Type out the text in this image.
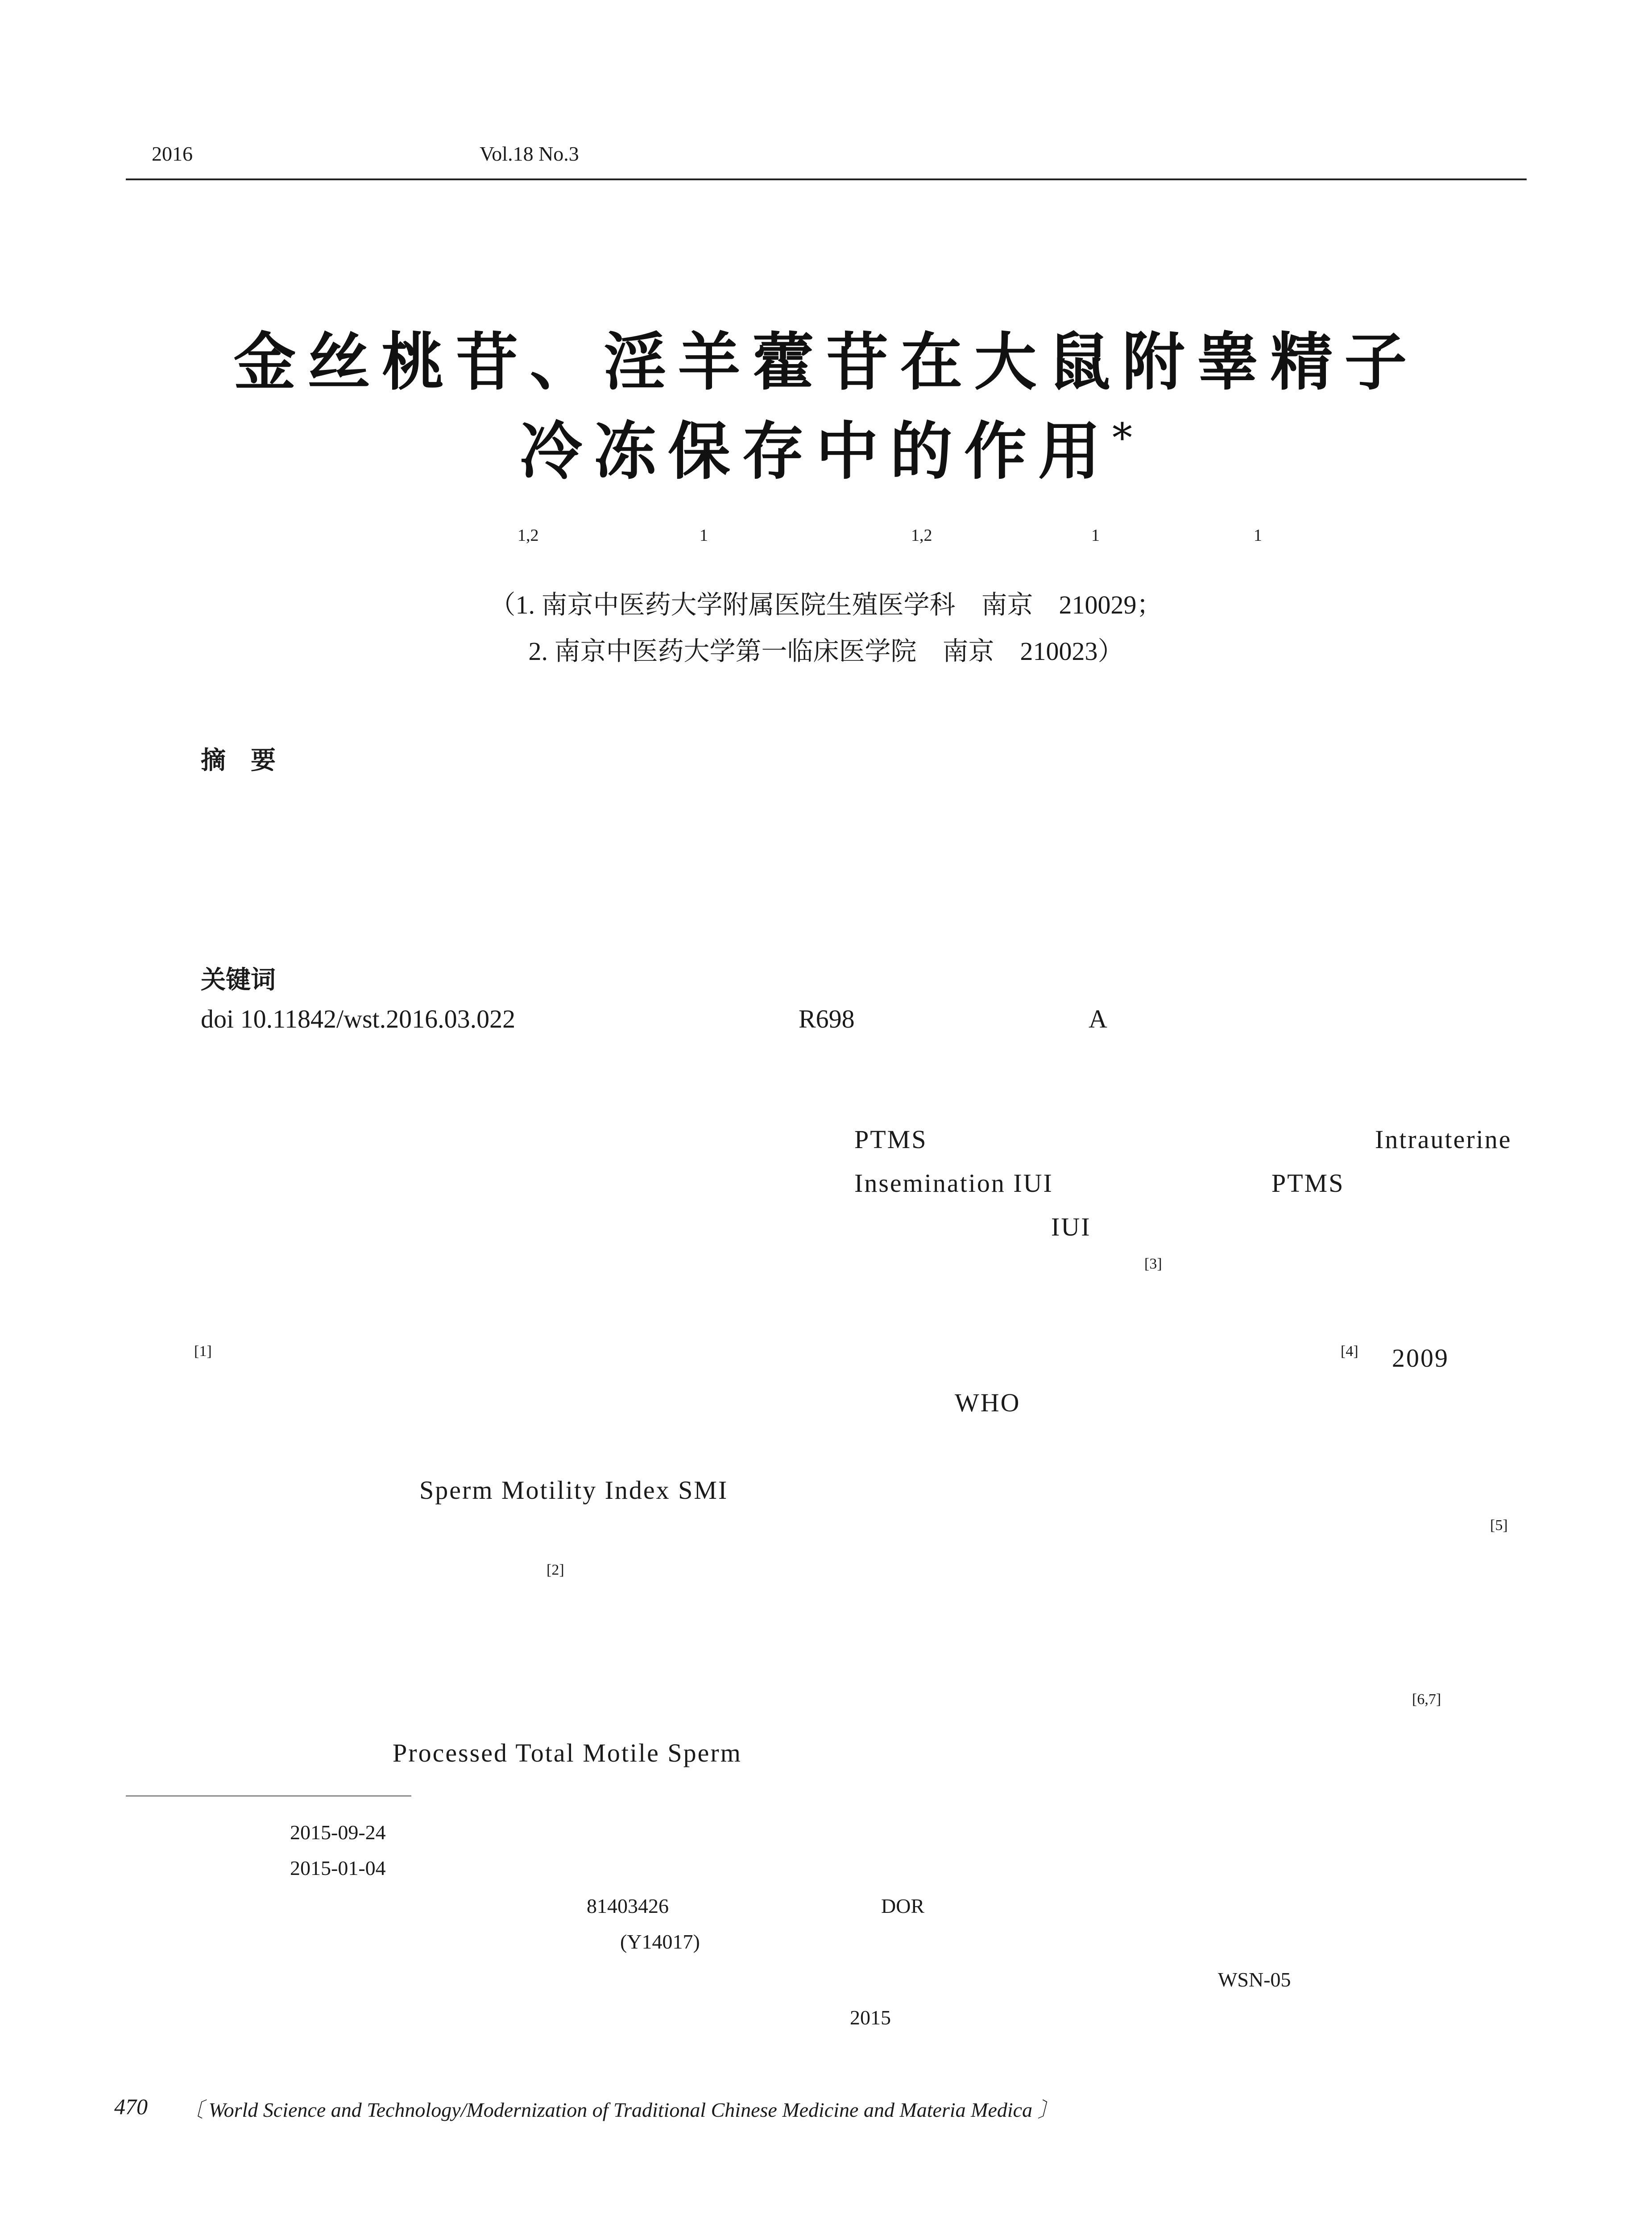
2016	Vol.18 No.3
金丝桃苷、淫羊藿苷在大鼠附睾精子
冷冻保存中的作用*
1,2	1	1,2	1	1
（1. 南京中医药大学附属医院生殖医学科　南京　210029；
2. 南京中医药大学第一临床医学院　南京　210023）
摘　要
关键词
doi 10.11842/wst.2016.03.022	R698	A
PTMS	Intrauterine
Insemination IUI	PTMS
IUI
[3]
[1]	[4] 2009
WHO
Sperm Motility Index SMI
[5]
[2]
[6,7]
Processed Total Motile Sperm
2015-09-24
2015-01-04
81403426	DOR
(Y14017)
WSN-05
2015
470 〔 World Science and Technology/Modernization of Traditional Chinese Medicine and Materia Medica 〕
